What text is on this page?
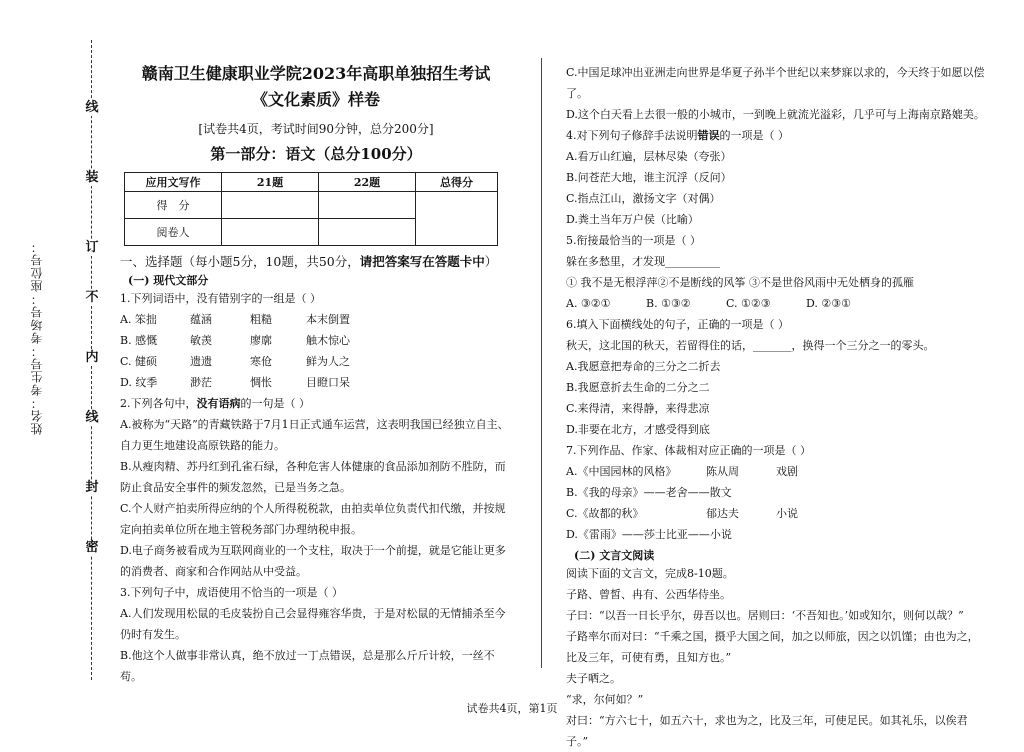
线
装
订
不
内
线
封
密
姓名：考生号：考场号：座位号：
赣南卫生健康职业学院2023年高职单独招生考试
《文化素质》样卷
[试卷共4页，考试时间90分钟，总分200分]
第一部分：语文（总分100分）
应用文写作	21题	22题	总得分
得　分			
阅卷人			
一、选择题（每小题5分，10题，共50分，请把答案写在答题卡中）
(一) 现代文部分
1.下列词语中，没有错别字的一组是（ ）
A. 笨拙	蕴涵	粗糙	本末倒置
B. 感慨	敏羡	廖廓	触木惊心
C. 健硕	遗遗	寒伧	鲜为人之
D. 纹季	渺茫	惆怅	目瞪口呆
2.下列各句中，没有语病的一句是（ ）
A.被称为“天路”的青藏铁路于7月1日正式通车运营，这表明我国已经独立自主、自力更生地建设高原铁路的能力。
B.从瘦肉精、苏丹红到孔雀石绿，各种危害人体健康的食品添加剂防不胜防，而防止食品安全事件的频发忽然，已是当务之急。
C.个人财产拍卖所得应纳的个人所得税税款，由拍卖单位负责代扣代缴，并按规定向拍卖单位所在地主管税务部门办理纳税申报。
D.电子商务被看成为互联网商业的一个支柱，取决于一个前提，就是它能让更多的消费者、商家和合作网站从中受益。
3.下列句子中，成语使用不恰当的一项是（ ）
A.人们发现用松鼠的毛皮装扮自己会显得雍容华贵，于是对松鼠的无情捕杀至今仍时有发生。
B.他这个人做事非常认真，绝不放过一丁点错误，总是那么斤斤计较，一丝不苟。
C.中国足球冲出亚洲走向世界是华夏子孙半个世纪以来梦寐以求的，今天终于如愿以偿了。
D.这个白天看上去很一般的小城市，一到晚上就流光溢彩，几乎可与上海南京路媲美。
4.对下列句子修辞手法说明错误的一项是（ ）
A.看万山红遍，层林尽染（夸张）
B.问苍茫大地，谁主沉浮（反问）
C.指点江山，激扬文字（对偶）
D.粪土当年万户侯（比喻）
5.衔接最恰当的一项是（ ）
躲在多愁里，才发现__________
① 我不是无根浮萍②不是断线的风筝 ③不是世俗风雨中无处栖身的孤雁
A. ③②①	B. ①③②	C. ①②③	D. ②③①
6.填入下面横线处的句子，正确的一项是（ ）
秋天，这北国的秋天，若留得住的话，_______，换得一个三分之一的零头。
A.我愿意把寿命的三分之二折去
B.我愿意折去生命的二分之二
C.来得清，来得静，来得悲凉
D.非要在北方，才感受得到底
7.下列作品、作家、体裁相对应正确的一项是（ ）
A.《中国园林的风格》	陈从周	戏剧
B.《我的母亲》——老舍——散文
C.《故都的秋》	郁达夫	小说
D.《雷雨》——莎士比亚——小说
(二) 文言文阅读
阅读下面的文言文，完成8-10题。
子路、曾皙、冉有、公西华侍坐。
子曰：“以吾一日长乎尔，毋吾以也。居则曰：‘不吾知也。’如或知尔，则何以哉？”
子路率尔而对曰：“千乘之国，摄乎大国之间，加之以师旅，因之以饥馑；由也为之，比及三年，可使有勇，且知方也。”
夫子哂之。
“求，尔何如？”
对曰：“方六七十，如五六十，求也为之，比及三年，可使足民。如其礼乐，以俟君子。”
试卷共4页，第1页
